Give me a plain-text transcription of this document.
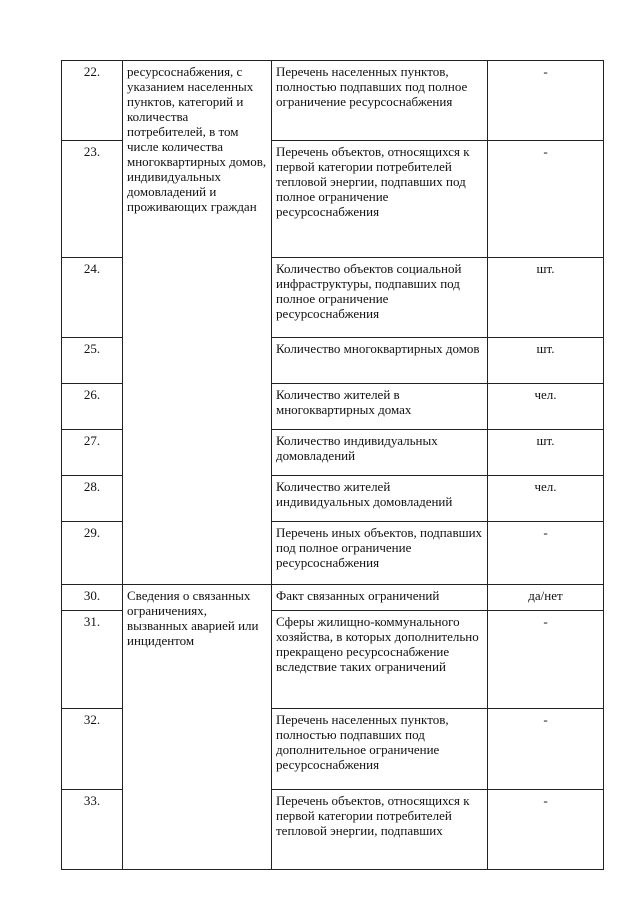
22.	ресурсоснабжения, с указанием населенных пунктов, категорий и количества потребителей, в том числе количества многоквартирных домов, индивидуальных домовладений и проживающих граждан	Перечень населенных пунктов, полностью подпавших под полное ограничение ресурсоснабжения	-
23.		Перечень объектов, относящихся к первой категории потребителей тепловой энергии, подпавших под полное ограничение ресурсоснабжения	-
24.		Количество объектов социальной инфраструктуры, подпавших под полное ограничение ресурсоснабжения	шт.
25.		Количество многоквартирных домов	шт.
26.		Количество жителей в многоквартирных домах	чел.
27.		Количество индивидуальных домовладений	шт.
28.		Количество жителей индивидуальных домовладений	чел.
29.		Перечень иных объектов, подпавших под полное ограничение ресурсоснабжения	-
30.	Сведения о связанных ограничениях, вызванных аварией или инцидентом	Факт связанных ограничений	да/нет
31.		Сферы жилищно-коммунального хозяйства, в которых дополнительно прекращено ресурсоснабжение вследствие таких ограничений	-
32.		Перечень населенных пунктов, полностью подпавших под дополнительное ограничение ресурсоснабжения	-
33.		Перечень объектов, относящихся к первой категории потребителей тепловой энергии, подпавших	-
